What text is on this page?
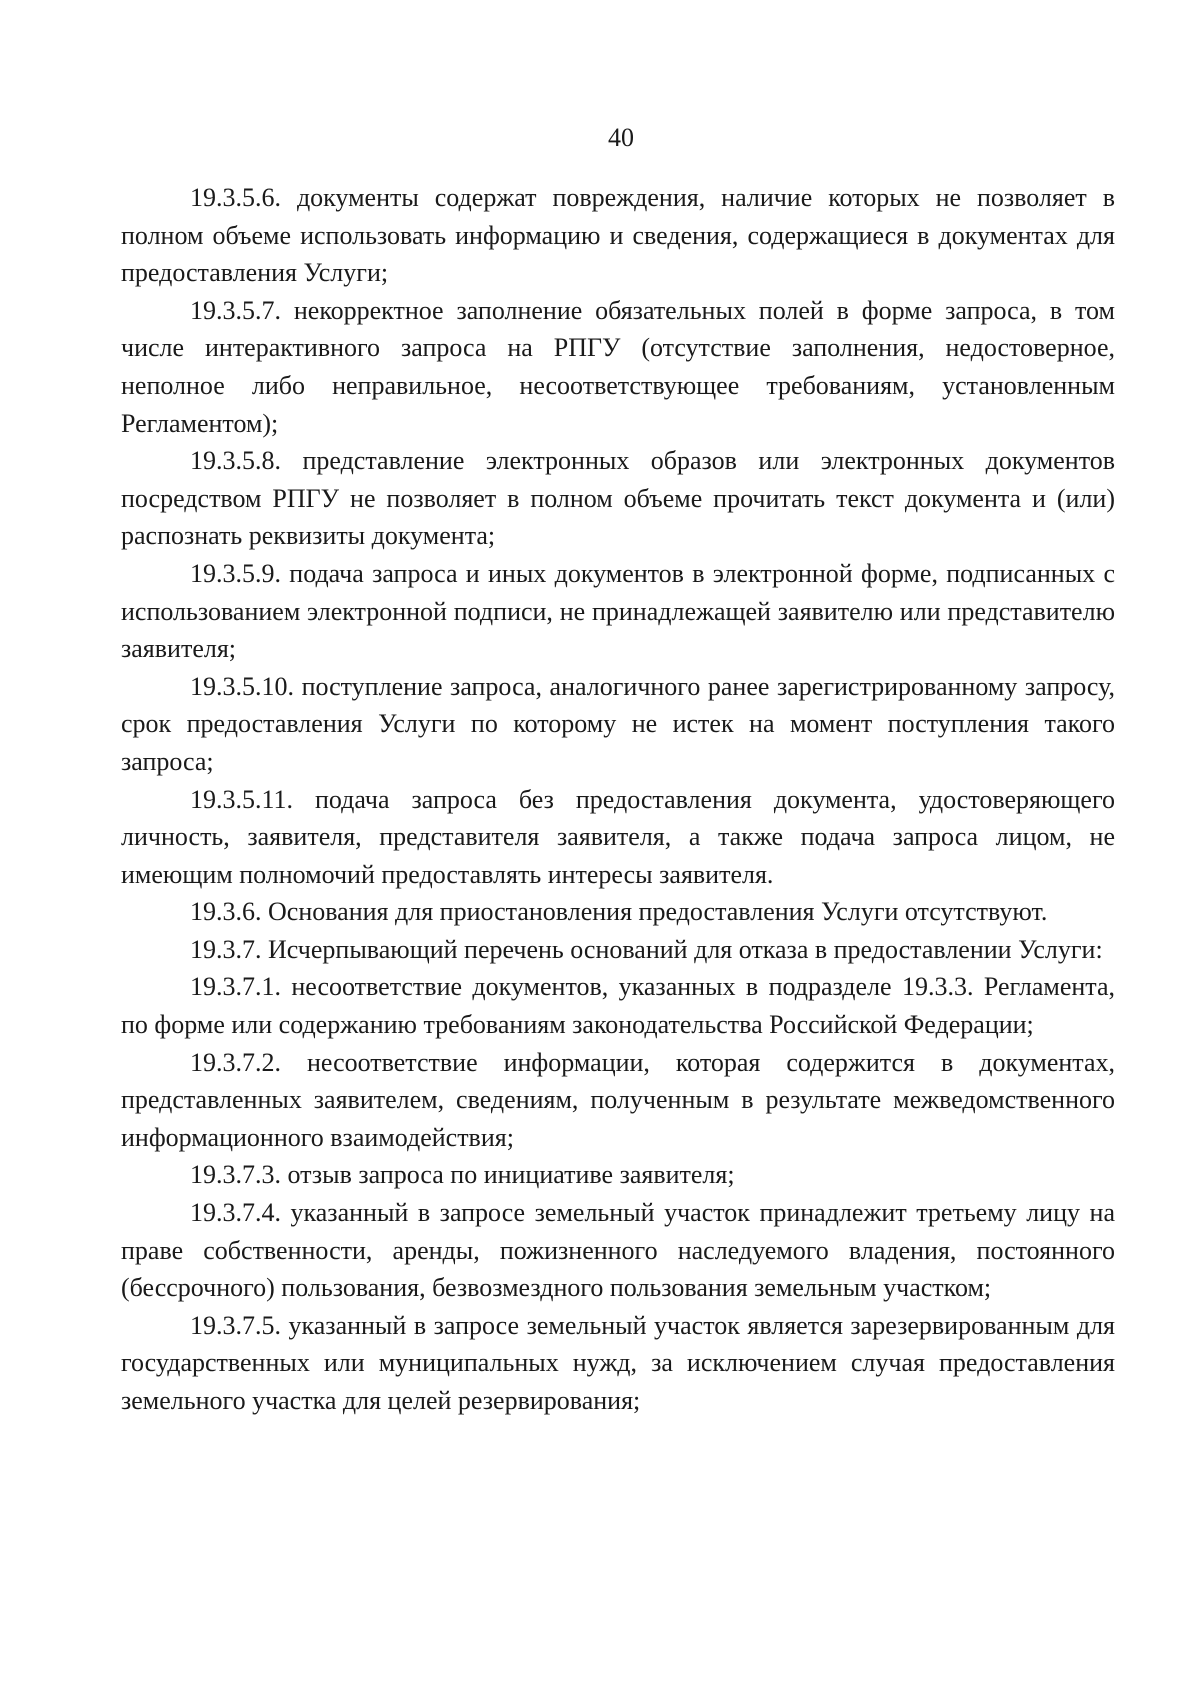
40

19.3.5.6. документы содержат повреждения, наличие которых не позволяет в полном объеме использовать информацию и сведения, содержащиеся в документах для предоставления Услуги;

19.3.5.7. некорректное заполнение обязательных полей в форме запроса, в том числе интерактивного запроса на РПГУ (отсутствие заполнения, недостоверное, неполное либо неправильное, несоответствующее требованиям, установленным Регламентом);

19.3.5.8. представление электронных образов или электронных документов посредством РПГУ не позволяет в полном объеме прочитать текст документа и (или) распознать реквизиты документа;

19.3.5.9. подача запроса и иных документов в электронной форме, подписанных с использованием электронной подписи, не принадлежащей заявителю или представителю заявителя;

19.3.5.10. поступление запроса, аналогичного ранее зарегистрированному запросу, срок предоставления Услуги по которому не истек на момент поступления такого запроса;

19.3.5.11. подача запроса без предоставления документа, удостоверяющего личность, заявителя, представителя заявителя, а также подача запроса лицом, не имеющим полномочий предоставлять интересы заявителя.

19.3.6. Основания для приостановления предоставления Услуги отсутствуют.

19.3.7. Исчерпывающий перечень оснований для отказа в предоставлении Услуги:

19.3.7.1. несоответствие документов, указанных в подразделе 19.3.3. Регламента, по форме или содержанию требованиям законодательства Российской Федерации;

19.3.7.2. несоответствие информации, которая содержится в документах, представленных заявителем, сведениям, полученным в результате межведомственного информационного взаимодействия;

19.3.7.3. отзыв запроса по инициативе заявителя;

19.3.7.4. указанный в запросе земельный участок принадлежит третьему лицу на праве собственности, аренды, пожизненного наследуемого владения, постоянного (бессрочного) пользования, безвозмездного пользования земельным участком;

19.3.7.5. указанный в запросе земельный участок является зарезервированным для государственных или муниципальных нужд, за исключением случая предоставления земельного участка для целей резервирования;
